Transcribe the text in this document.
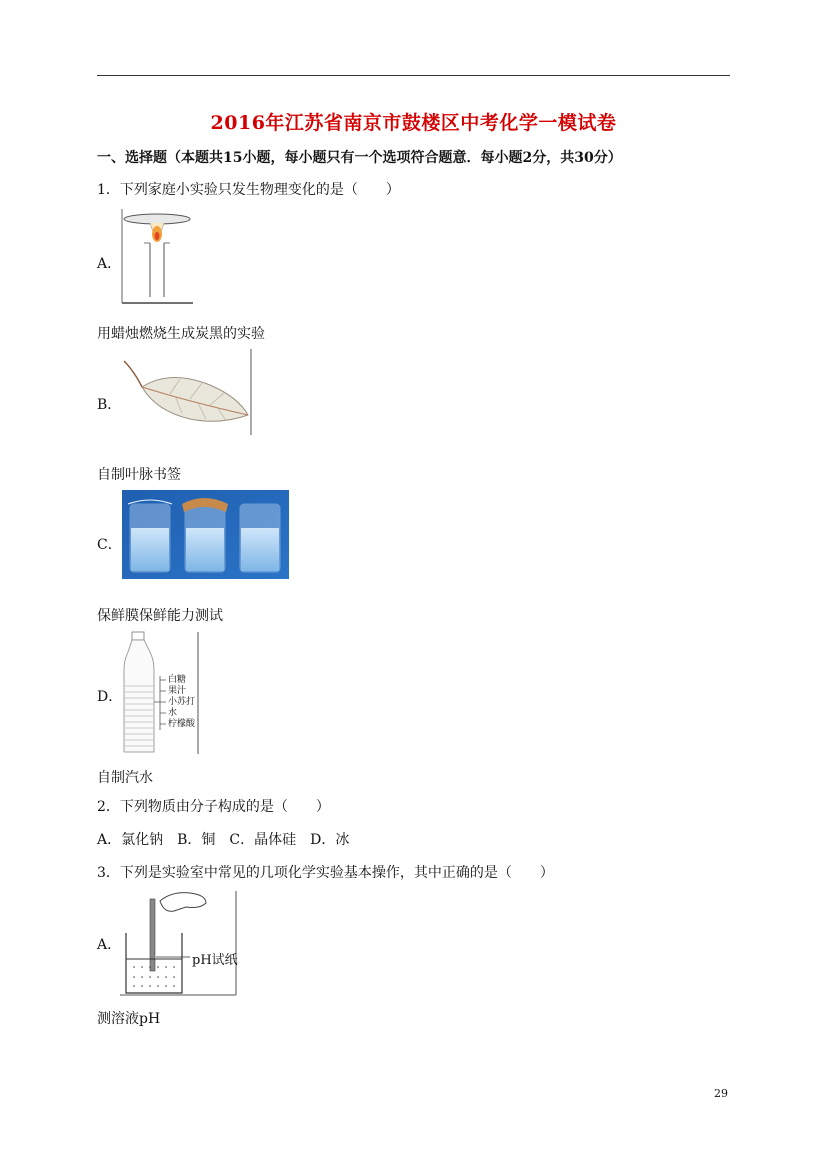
2016年江苏省南京市鼓楼区中考化学一模试卷
一、选择题（本题共15小题，每小题只有一个选项符合题意．每小题2分，共30分）
1．下列家庭小实验只发生物理变化的是（　　）
A．
用蜡烛燃烧生成炭黑的实验
B．
自制叶脉书签
C．
保鲜膜保鲜能力测试
D．
白糖
果汁
小苏打
水
柠檬酸
自制汽水
2．下列物质由分子构成的是（　　）
A．氯化钠　B．铜　C．晶体硅　D．冰
3．下列是实验室中常见的几项化学实验基本操作，其中正确的是（　　）
A．
pH试纸
测溶液pH
29
